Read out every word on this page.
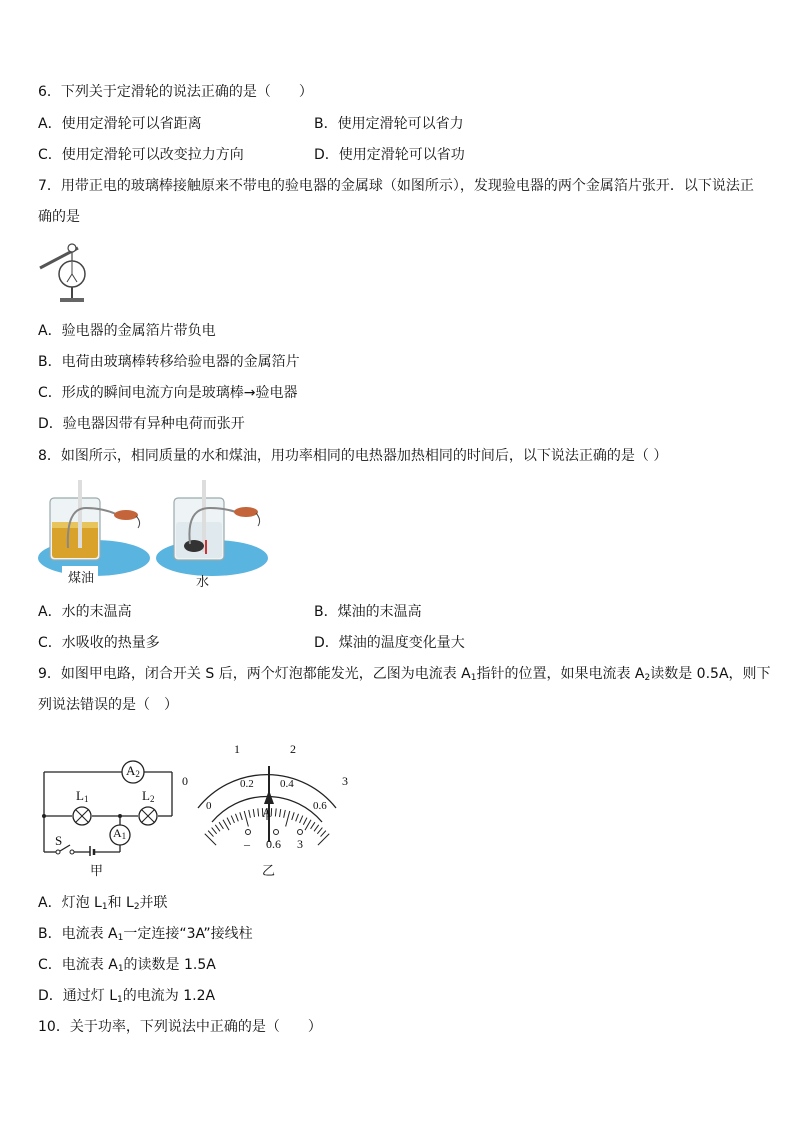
6．下列关于定滑轮的说法正确的是（　　）
A．使用定滑轮可以省距离	B．使用定滑轮可以省力
C．使用定滑轮可以改变拉力方向	D．使用定滑轮可以省功
7．用带正电的玻璃棒接触原来不带电的验电器的金属球（如图所示），发现验电器的两个金属箔片张开．以下说法正
确的是
A．验电器的金属箔片带负电
B．电荷由玻璃棒转移给验电器的金属箔片
C．形成的瞬间电流方向是玻璃棒→验电器
D．验电器因带有异种电荷而张开
8．如图所示，相同质量的水和煤油，用功率相同的电热器加热相同的时间后，以下说法正确的是（ ）
煤油	水
A．水的末温高	B．煤油的末温高
C．水吸收的热量多	D．煤油的温度变化量大
9．如图甲电路，闭合开关 S 后，两个灯泡都能发光，乙图为电流表 $A_1$指针的位置，如果电流表 $A_2$读数是 0.5A，则下
列说法错误的是（　）
$A_2$
$L_1$	$L_2$
$A_1$
S
甲
0
1	2
3
0
0.2 0.4
0.6
A
– 0.6 3
乙
A．灯泡 $L_1$和 $L_2$并联
B．电流表 $A_1$一定连接“3A”接线柱
C．电流表 $A_1$的读数是 1.5A
D．通过灯 $L_1$的电流为 1.2A
10．关于功率，下列说法中正确的是（　　）
